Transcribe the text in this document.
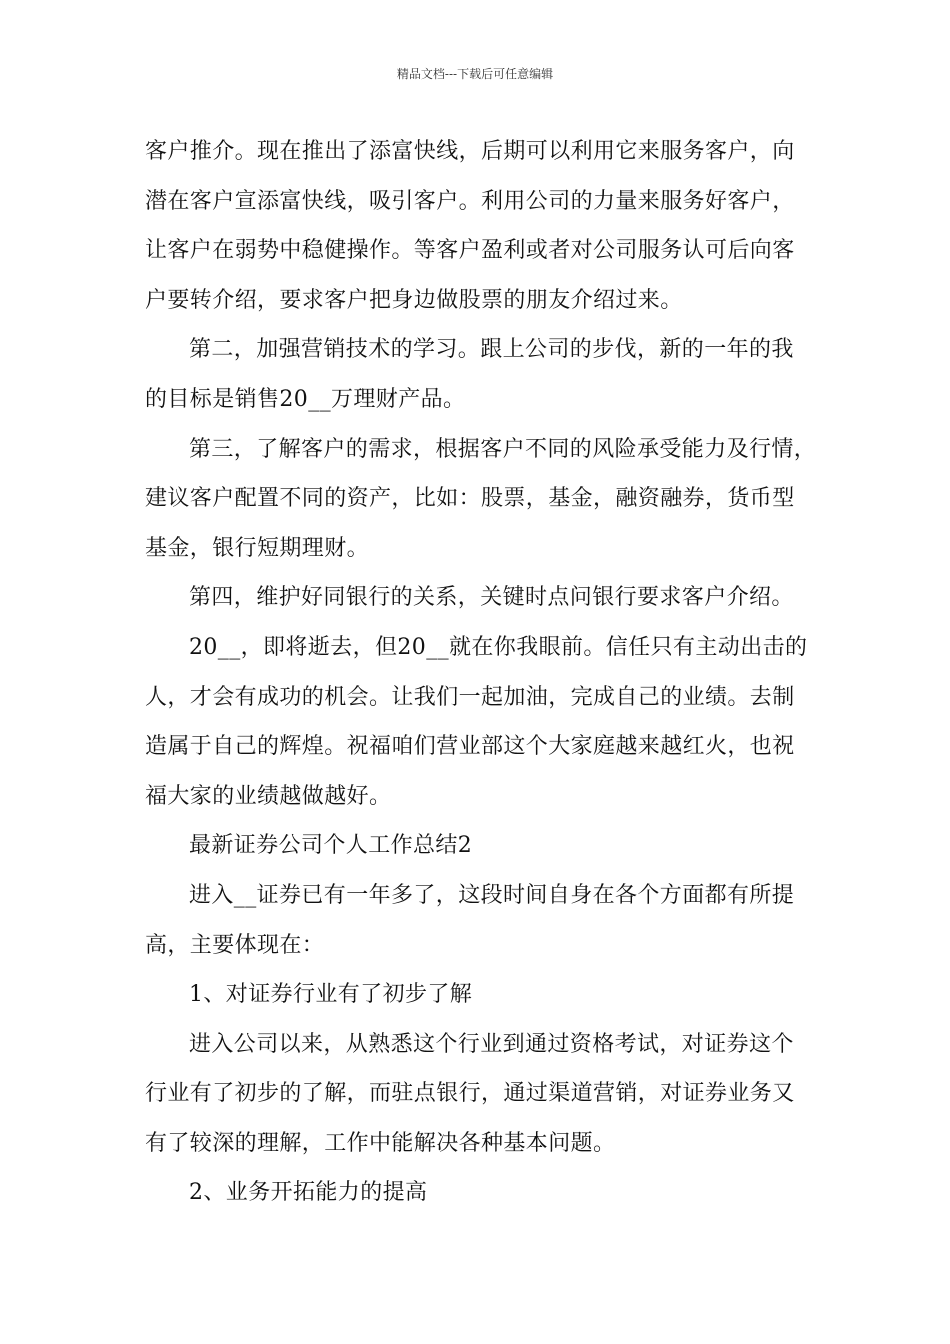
精品文档---下载后可任意编辑
客户推介。现在推出了添富快线，后期可以利用它来服务客户，向
潜在客户宣添富快线，吸引客户。利用公司的力量来服务好客户，
让客户在弱势中稳健操作。等客户盈利或者对公司服务认可后向客
户要转介绍，要求客户把身边做股票的朋友介绍过来。
第二，加强营销技术的学习。跟上公司的步伐，新的一年的我
的目标是销售20__万理财产品。
第三，了解客户的需求，根据客户不同的风险承受能力及行情，
建议客户配置不同的资产，比如：股票，基金，融资融券，货币型
基金，银行短期理财。
第四，维护好同银行的关系，关键时点问银行要求客户介绍。
20__，即将逝去，但20__就在你我眼前。信任只有主动出击的
人，才会有成功的机会。让我们一起加油，完成自己的业绩。去制
造属于自己的辉煌。祝福咱们营业部这个大家庭越来越红火，也祝
福大家的业绩越做越好。
最新证券公司个人工作总结2
进入__证券已有一年多了，这段时间自身在各个方面都有所提
高，主要体现在：
1、对证券行业有了初步了解
进入公司以来，从熟悉这个行业到通过资格考试，对证券这个
行业有了初步的了解，而驻点银行，通过渠道营销，对证券业务又
有了较深的理解，工作中能解决各种基本问题。
2、业务开拓能力的提高
